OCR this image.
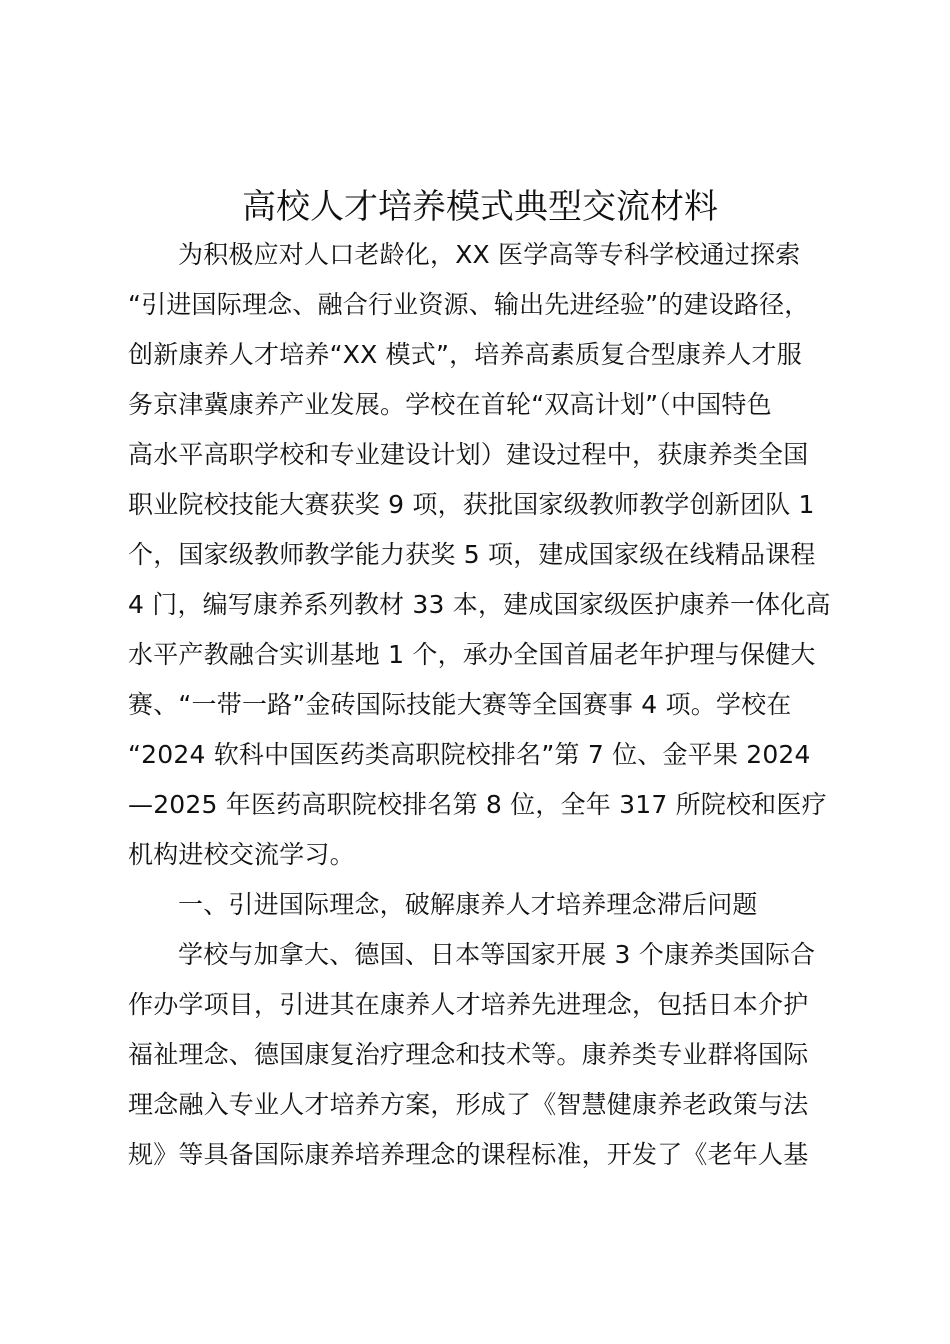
高校人才培养模式典型交流材料
为积极应对人口老龄化，XX 医学高等专科学校通过探索
“引进国际理念、融合行业资源、输出先进经验”的建设路径，
创新康养人才培养“XX 模式”，培养高素质复合型康养人才服
务京津冀康养产业发展。学校在首轮“双高计划”（中国特色
高水平高职学校和专业建设计划）建设过程中，获康养类全国
职业院校技能大赛获奖 9 项，获批国家级教师教学创新团队 1
个，国家级教师教学能力获奖 5 项，建成国家级在线精品课程
4 门，编写康养系列教材 33 本，建成国家级医护康养一体化高
水平产教融合实训基地 1 个，承办全国首届老年护理与保健大
赛、“一带一路”金砖国际技能大赛等全国赛事 4 项。学校在
“2024 软科中国医药类高职院校排名”第 7 位、金平果 2024
—2025 年医药高职院校排名第 8 位，全年 317 所院校和医疗
机构进校交流学习。
一、引进国际理念，破解康养人才培养理念滞后问题
学校与加拿大、德国、日本等国家开展 3 个康养类国际合
作办学项目，引进其在康养人才培养先进理念，包括日本介护
福祉理念、德国康复治疗理念和技术等。康养类专业群将国际
理念融入专业人才培养方案，形成了《智慧健康养老政策与法
规》等具备国际康养培养理念的课程标准，开发了《老年人基
